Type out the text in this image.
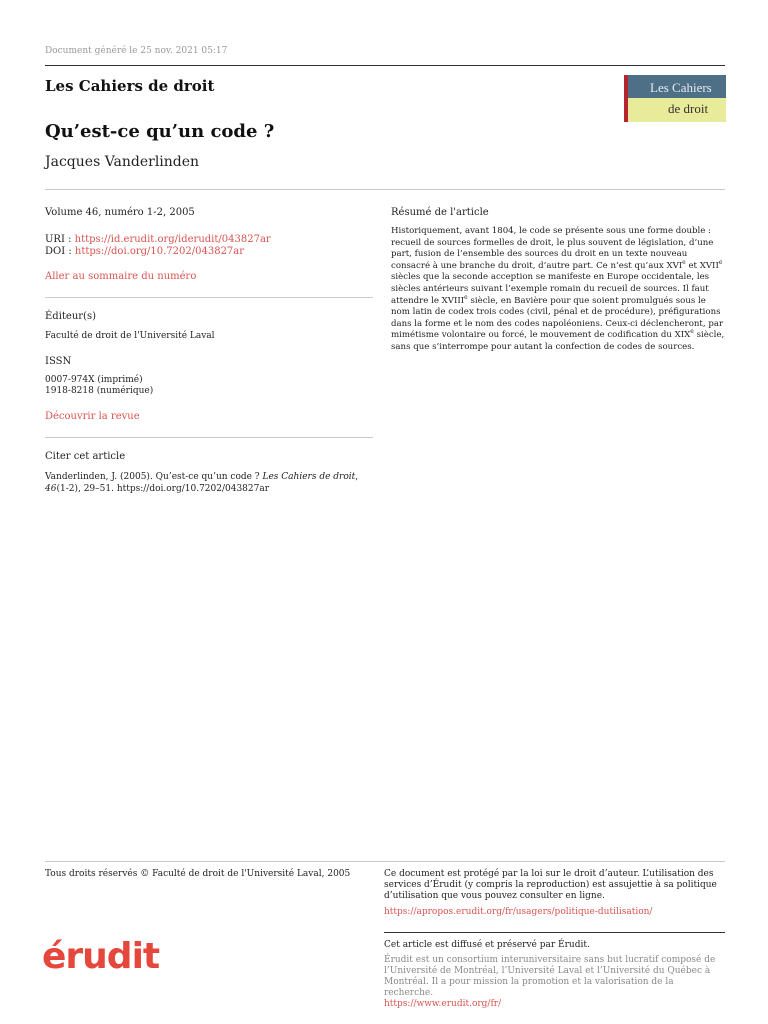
Document généré le 25 nov. 2021 05:17
Les Cahiers de droit
Qu’est-ce qu’un code ?
Jacques Vanderlinden
Les Cahiers
de droit
Volume 46, numéro 1-2, 2005
URI : https://id.erudit.org/iderudit/043827ar
DOI : https://doi.org/10.7202/043827ar
Aller au sommaire du numéro
Éditeur(s)
Faculté de droit de l'Université Laval
ISSN
0007-974X (imprimé)
1918-8218 (numérique)
Découvrir la revue
Citer cet article
Vanderlinden, J. (2005). Qu’est-ce qu’un code ? Les Cahiers de droit, 46(1-2), 29–51. https://doi.org/10.7202/043827ar
Résumé de l'article
Historiquement, avant 1804, le code se présente sous une forme double : recueil de sources formelles de droit, le plus souvent de législation, d’une part, fusion de l’ensemble des sources du droit en un texte nouveau consacré à une branche du droit, d’autre part. Ce n’est qu’aux XVIe et XVIIe siècles que la seconde acception se manifeste en Europe occidentale, les siècles antérieurs suivant l’exemple romain du recueil de sources. Il faut attendre le XVIIIe siècle, en Bavière pour que soient promulgués sous le nom latin de codex trois codes (civil, pénal et de procédure), préfigurations dans la forme et le nom des codes napoléoniens. Ceux-ci déclencheront, par mimétisme volontaire ou forcé, le mouvement de codification du XIXe siècle, sans que s’interrompe pour autant la confection de codes de sources.
Tous droits réservés © Faculté de droit de l'Université Laval, 2005	Ce document est protégé par la loi sur le droit d’auteur. L’utilisation des services d’Érudit (y compris la reproduction) est assujettie à sa politique d’utilisation que vous pouvez consulter en ligne.
https://apropos.erudit.org/fr/usagers/politique-dutilisation/
érudit	Cet article est diffusé et préservé par Érudit.
Érudit est un consortium interuniversitaire sans but lucratif composé de l’Université de Montréal, l’Université Laval et l’Université du Québec à Montréal. Il a pour mission la promotion et la valorisation de la recherche.
https://www.erudit.org/fr/
